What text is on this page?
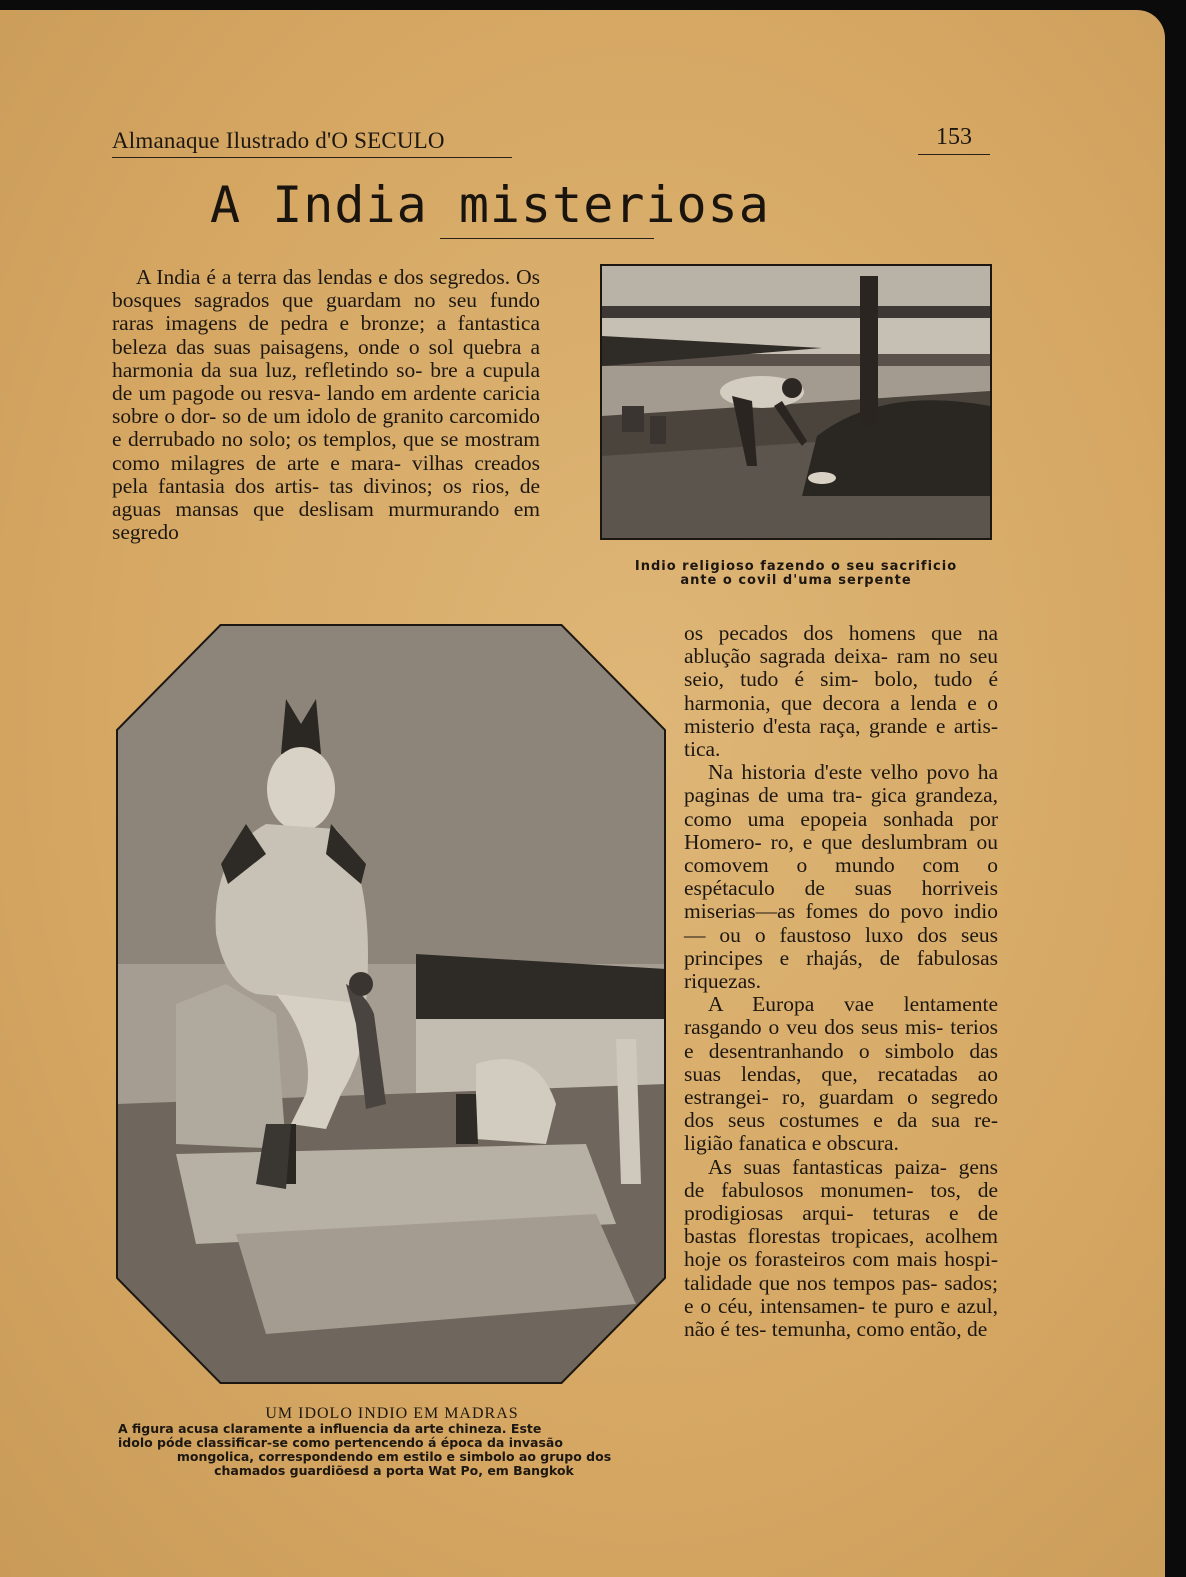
Almanaque Ilustrado d'O SECULO	153
A India misteriosa

A India é a terra das lendas e dos segredos. Os bosques sagrados que guardam no seu fundo raras imagens de pedra e bronze; a fantastica beleza das suas paisagens, onde o sol quebra a harmonia da sua luz, refletindo so- bre a cupula de um pagode ou resva- lando em ardente caricia sobre o dor- so de um idolo de granito carcomido e derrubado no solo; os templos, que se mostram como milagres de arte e mara- vilhas creados pela fantasia dos artis- tas divinos; os rios, de aguas mansas que deslisam murmurando em segredo

Indio religioso fazendo o seu sacrificio
ante o covil d'uma serpente
UM IDOLO INDIO EM MADRAS
A figura acusa claramente a influencia da arte chineza. Este
idolo póde classificar-se como pertencendo á época da invasão
mongolica, correspondendo em estilo e simbolo ao grupo dos
chamados guardiõesd a porta Wat Po, em Bangkok

os pecados dos homens que na ablução sagrada deixa- ram no seu seio, tudo é sim- bolo, tudo é harmonia, que decora a lenda e o misterio d'esta raça, grande e artis- tica.

Na historia d'este velho povo ha paginas de uma tra- gica grandeza, como uma epopeia sonhada por Homero- ro, e que deslumbram ou comovem o mundo com o espétaculo de suas horriveis miserias—as fomes do povo indio — ou o faustoso luxo dos seus principes e rhajás, de fabulosas riquezas.

A Europa vae lentamente rasgando o veu dos seus mis- terios e desentranhando o simbolo das suas lendas, que, recatadas ao estrangei- ro, guardam o segredo dos seus costumes e da sua re- ligião fanatica e obscura.

As suas fantasticas paiza- gens de fabulosos monumen- tos, de prodigiosas arqui- teturas e de bastas florestas tropicaes, acolhem hoje os forasteiros com mais hospi- talidade que nos tempos pas- sados; e o céu, intensamen- te puro e azul, não é tes- temunha, como então, de
